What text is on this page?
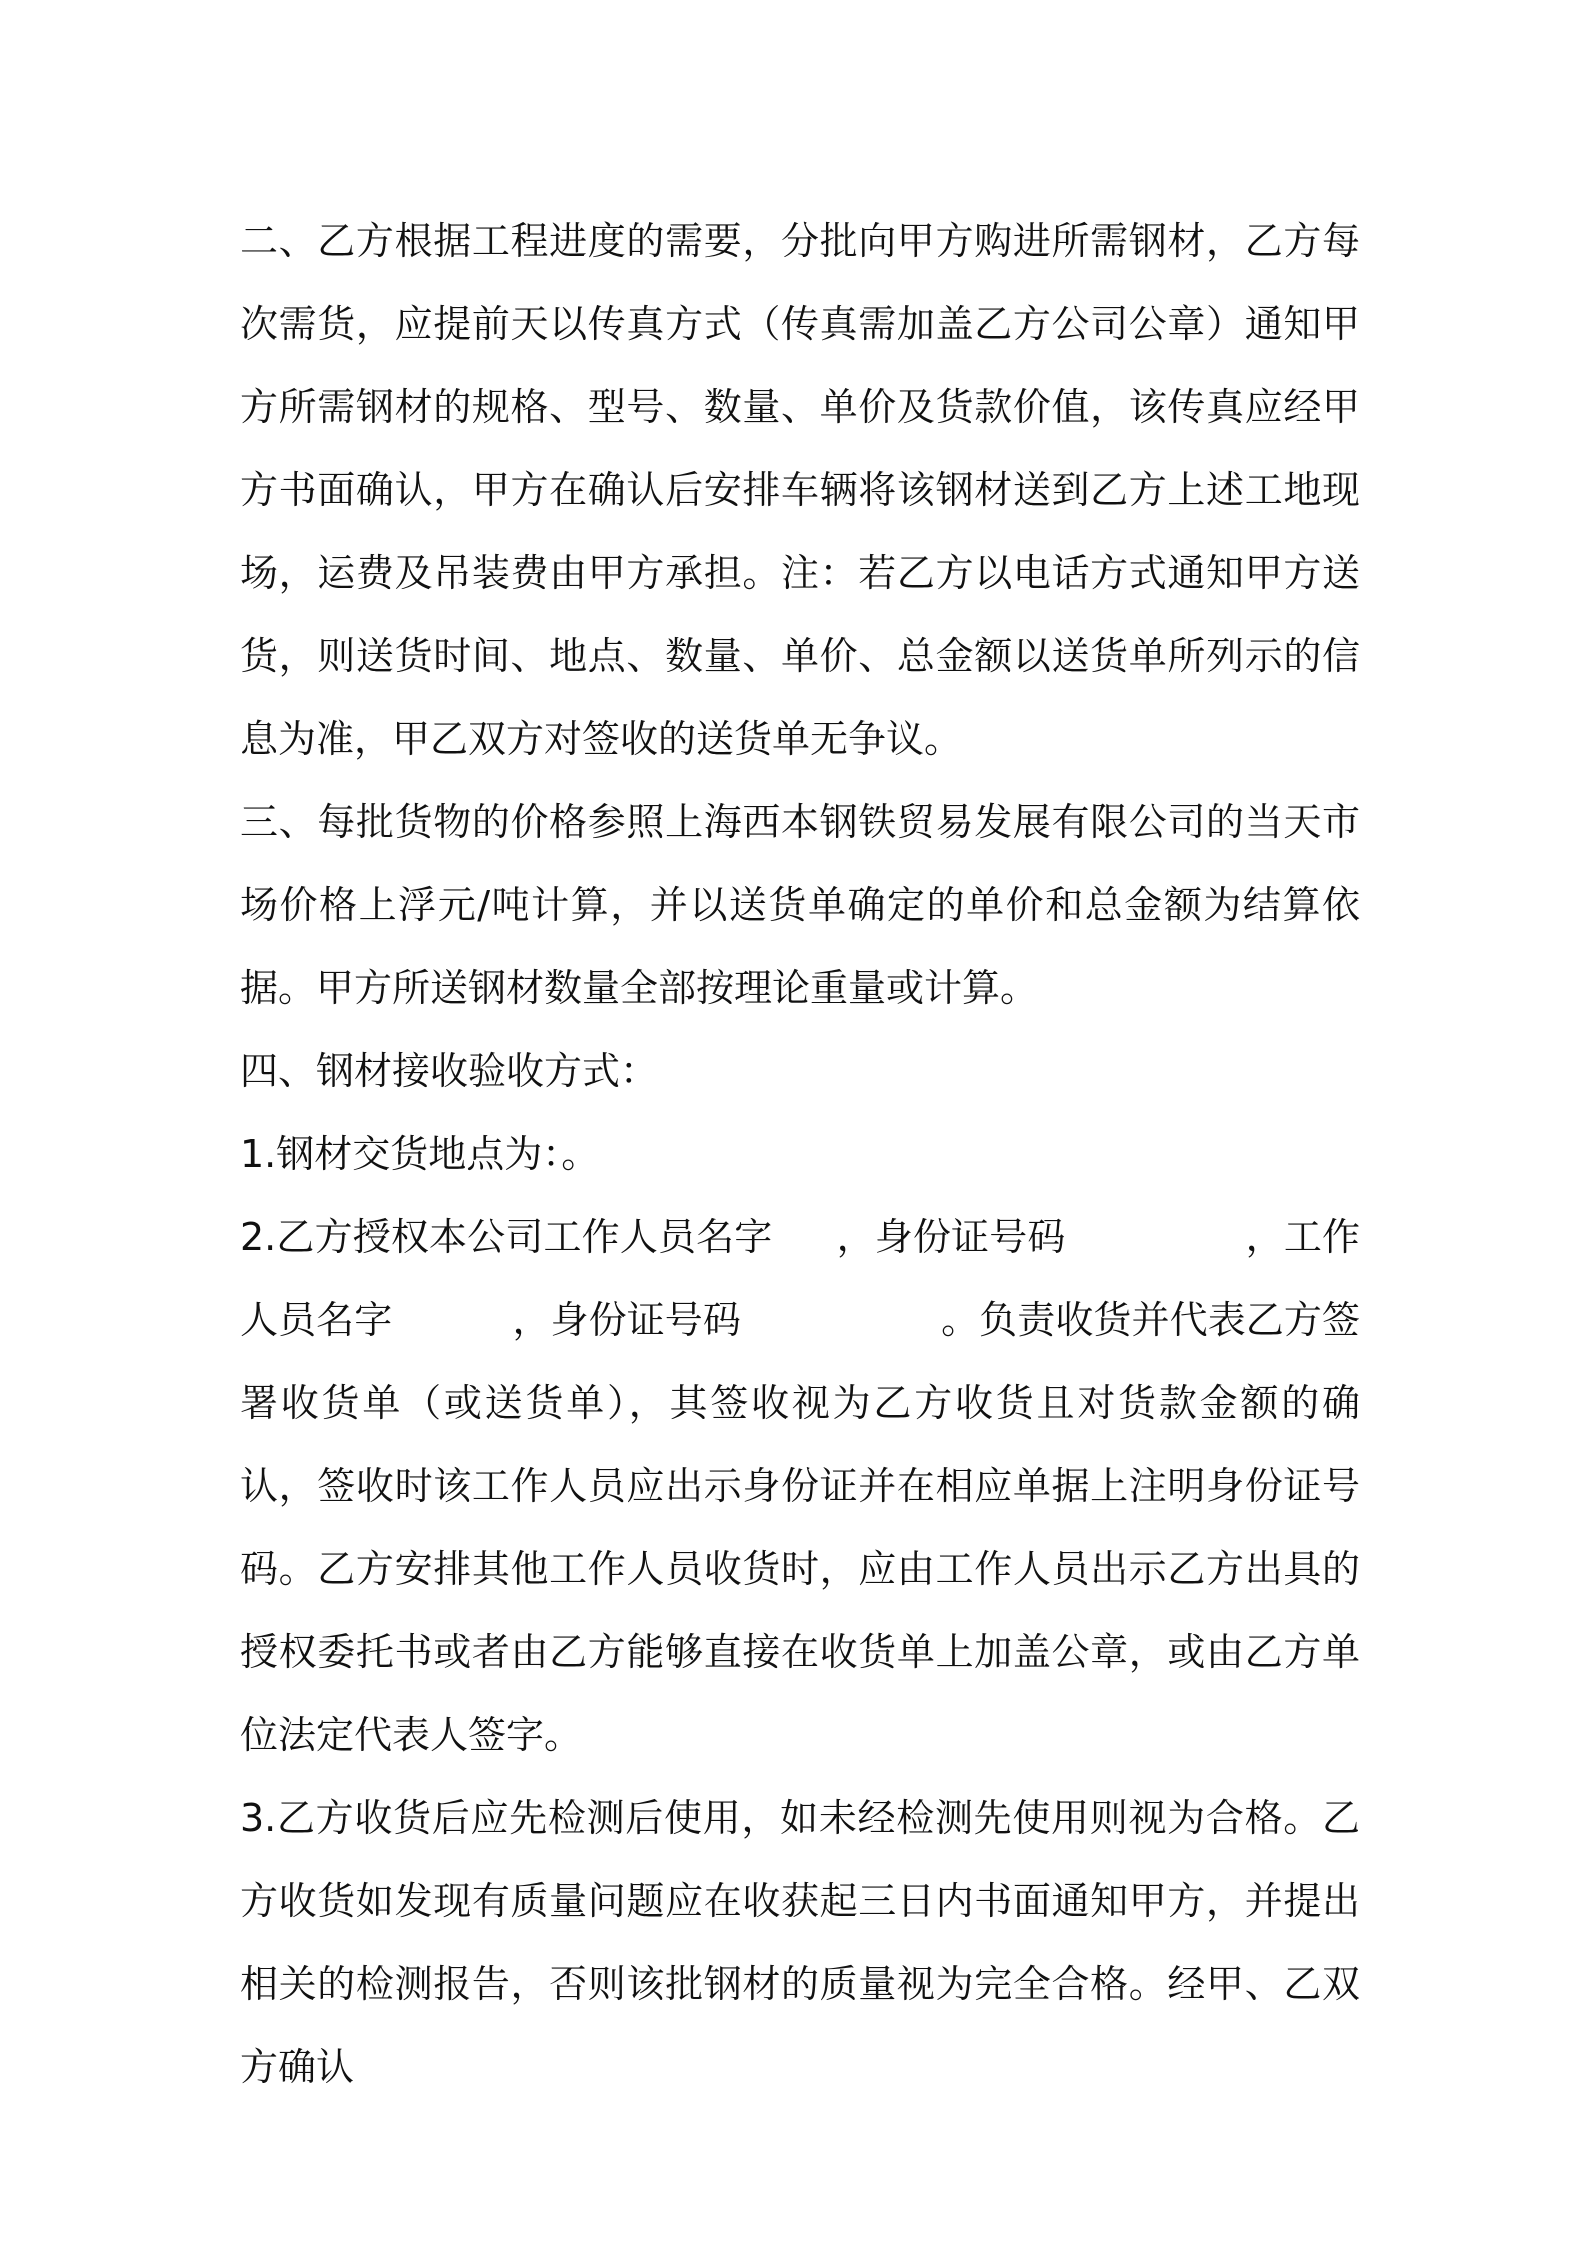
二、乙方根据工程进度的需要，分批向甲方购进所需钢材，乙方每次需货，应提前天以传真方式（传真需加盖乙方公司公章）通知甲方所需钢材的规格、型号、数量、单价及货款价值，该传真应经甲方书面确认，甲方在确认后安排车辆将该钢材送到乙方上述工地现场，运费及吊装费由甲方承担。注：若乙方以电话方式通知甲方送货，则送货时间、地点、数量、单价、总金额以送货单所列示的信息为准，甲乙双方对签收的送货单无争议。

三、每批货物的价格参照上海西本钢铁贸易发展有限公司的当天市场价格上浮元/吨计算，并以送货单确定的单价和总金额为结算依据。甲方所送钢材数量全部按理论重量或计算。

四、钢材接收验收方式：

1.钢材交货地点为：。

2.乙方授权本公司工作人员名字 ，身份证号码	，工作人员名字	，身份证号码	。负责收货并代表乙方签署收货单（或送货单），其签收视为乙方收货且对货款金额的确认，签收时该工作人员应出示身份证并在相应单据上注明身份证号码。乙方安排其他工作人员收货时，应由工作人员出示乙方出具的授权委托书或者由乙方能够直接在收货单上加盖公章，或由乙方单位法定代表人签字。

3.乙方收货后应先检测后使用，如未经检测先使用则视为合格。乙方收货如发现有质量问题应在收获起三日内书面通知甲方，并提出相关的检测报告，否则该批钢材的质量视为完全合格。经甲、乙双方确认
